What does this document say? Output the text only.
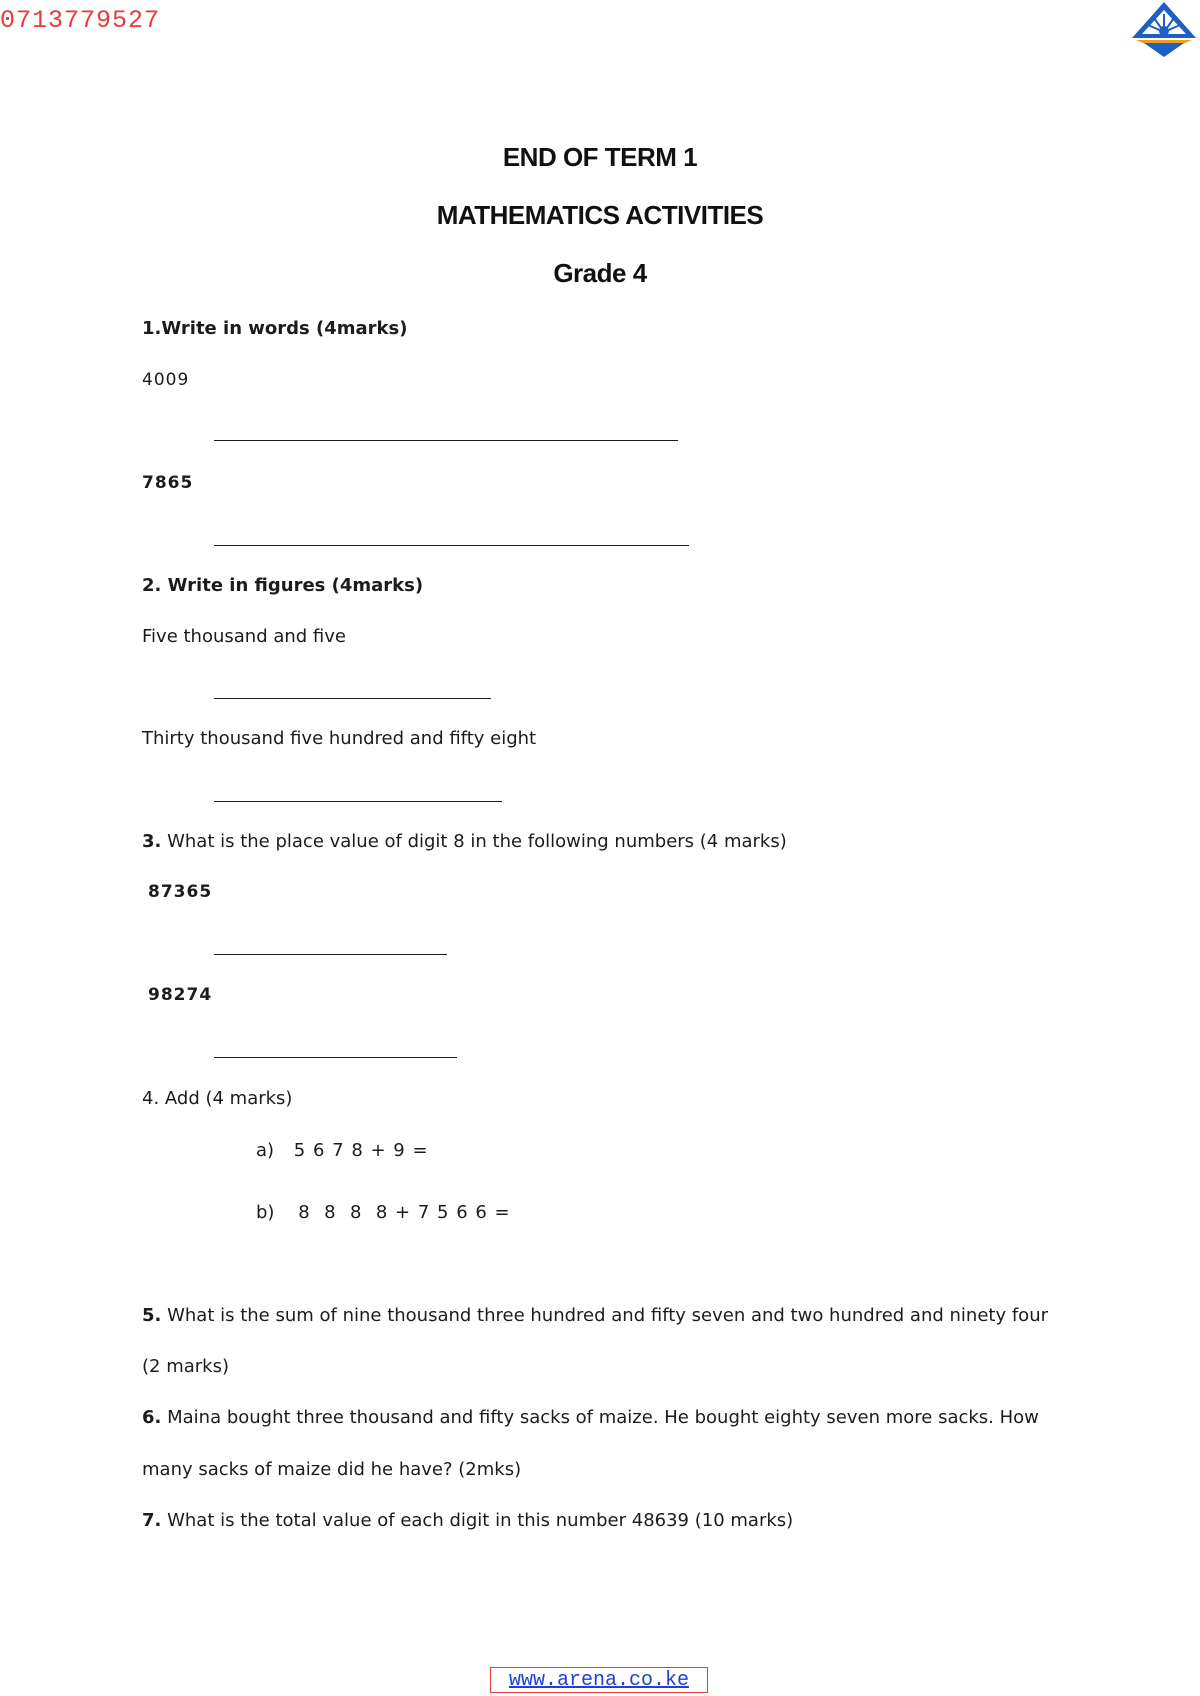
0713779527
END OF TERM 1
MATHEMATICS ACTIVITIES
Grade 4
1.Write in words (4marks)
4009
7865
2. Write in figures (4marks)
Five thousand and five
Thirty thousand five hundred and fifty eight
3. What is the place value of digit 8 in the following numbers (4 marks)
87365
98274
4. Add (4 marks)
a) 5 6 7 8 + 9 =
b) 8  8  8  8 + 7 5 6 6 =
5. What is the sum of nine thousand three hundred and fifty seven and two hundred and ninety four
(2 marks)
6. Maina bought three thousand and fifty sacks of maize. He bought eighty seven more sacks. How
many sacks of maize did he have? (2mks)
7. What is the total value of each digit in this number 48639 (10 marks)
www.arena.co.ke
